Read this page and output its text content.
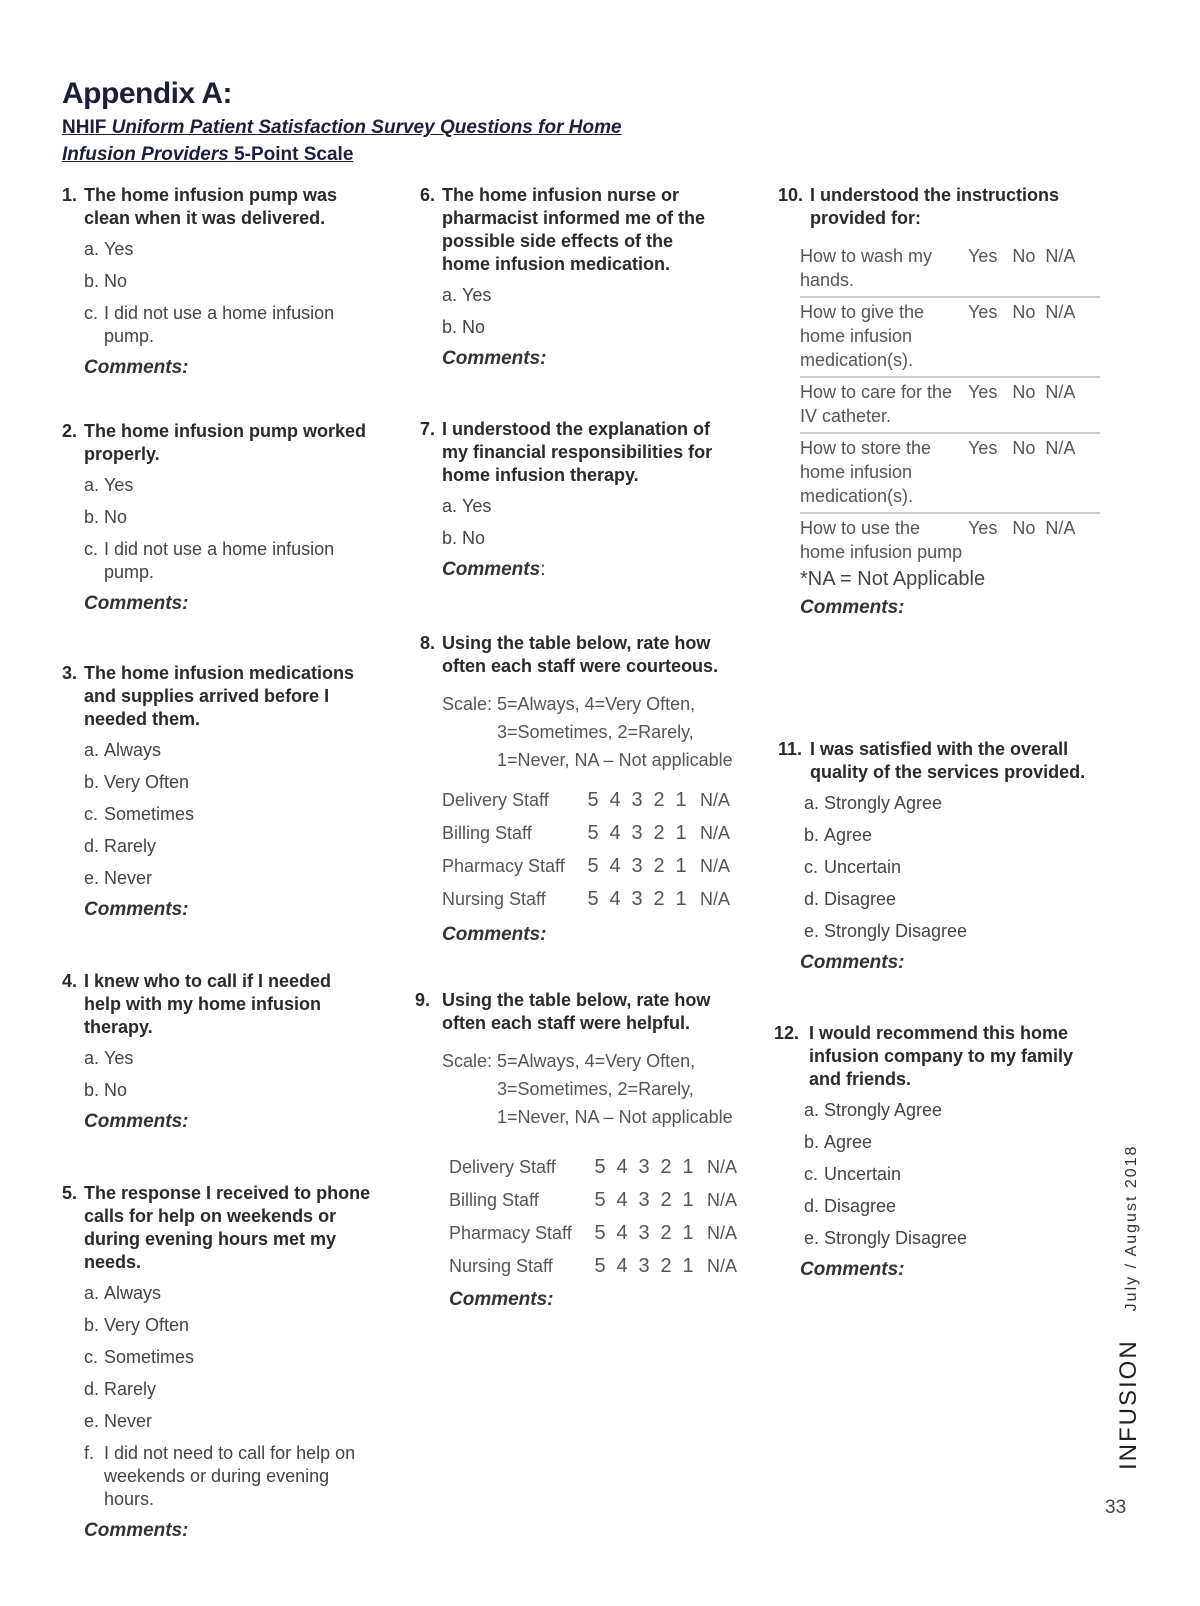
Appendix A:
NHIF Uniform Patient Satisfaction Survey Questions for Home Infusion Providers 5-Point Scale
1. The home infusion pump was clean when it was delivered.
a. Yes
b. No
c. I did not use a home infusion pump.
Comments:
2. The home infusion pump worked properly.
a. Yes
b. No
c. I did not use a home infusion pump.
Comments:
3. The home infusion medications and supplies arrived before I needed them.
a. Always
b. Very Often
c. Sometimes
d. Rarely
e. Never
Comments:
4. I knew who to call if I needed help with my home infusion therapy.
a. Yes
b. No
Comments:
5. The response I received to phone calls for help on weekends or during evening hours met my needs.
a. Always
b. Very Often
c. Sometimes
d. Rarely
e. Never
f. I did not need to call for help on weekends or during evening hours.
Comments:
6. The home infusion nurse or pharmacist informed me of the possible side effects of the home infusion medication.
a. Yes
b. No
Comments:
7. I understood the explanation of my financial responsibilities for home infusion therapy.
a. Yes
b. No
Comments:
8. Using the table below, rate how often each staff were courteous.
Scale: 5=Always, 4=Very Often,
3=Sometimes, 2=Rarely,
1=Never, NA – Not applicable
Delivery Staff	5	4	3	2	1	N/A
Billing Staff	5	4	3	2	1	N/A
Pharmacy Staff	5	4	3	2	1	N/A
Nursing Staff	5	4	3	2	1	N/A
Comments:
9. Using the table below, rate how often each staff were helpful.
Scale: 5=Always, 4=Very Often,
3=Sometimes, 2=Rarely,
1=Never, NA – Not applicable
Delivery Staff	5	4	3	2	1	N/A
Billing Staff	5	4	3	2	1	N/A
Pharmacy Staff	5	4	3	2	1	N/A
Nursing Staff	5	4	3	2	1	N/A
Comments:
10. I understood the instructions provided for:
How to wash my hands.	Yes No N/A
How to give the home infusion medication(s).	Yes No N/A
How to care for the IV catheter.	Yes No N/A
How to store the home infusion medication(s).	Yes No N/A
How to use the home infusion pump	Yes No N/A
*NA = Not Applicable
Comments:
11. I was satisfied with the overall quality of the services provided.
a. Strongly Agree
b. Agree
c. Uncertain
d. Disagree
e. Strongly Disagree
Comments:
12. I would recommend this home infusion company to my family and friends.
a. Strongly Agree
b. Agree
c. Uncertain
d. Disagree
e. Strongly Disagree
Comments:
INFUSION
July / August 2018
33
